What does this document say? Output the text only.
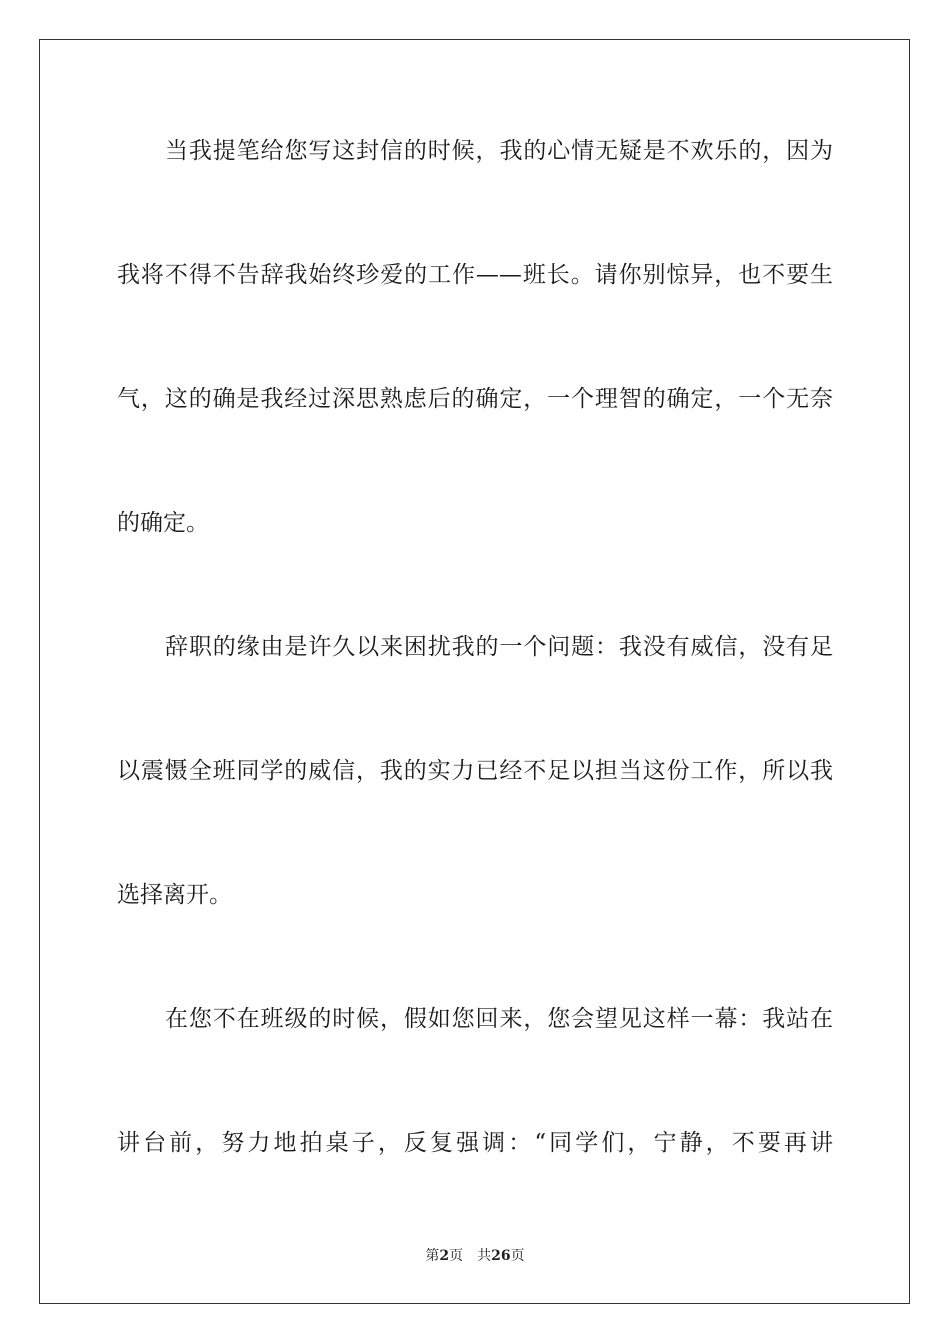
当我提笔给您写这封信的时候，我的心情无疑是不欢乐的，因为
我将不得不告辞我始终珍爱的工作——班长。请你别惊异，也不要生
气，这的确是我经过深思熟虑后的确定，一个理智的确定，一个无奈
的确定。
辞职的缘由是许久以来困扰我的一个问题：我没有威信，没有足
以震慑全班同学的威信，我的实力已经不足以担当这份工作，所以我
选择离开。
在您不在班级的时候，假如您回来，您会望见这样一幕：我站在
讲台前，努力地拍桌子，反复强调：“同学们，宁静，不要再讲
第2页 共26页
